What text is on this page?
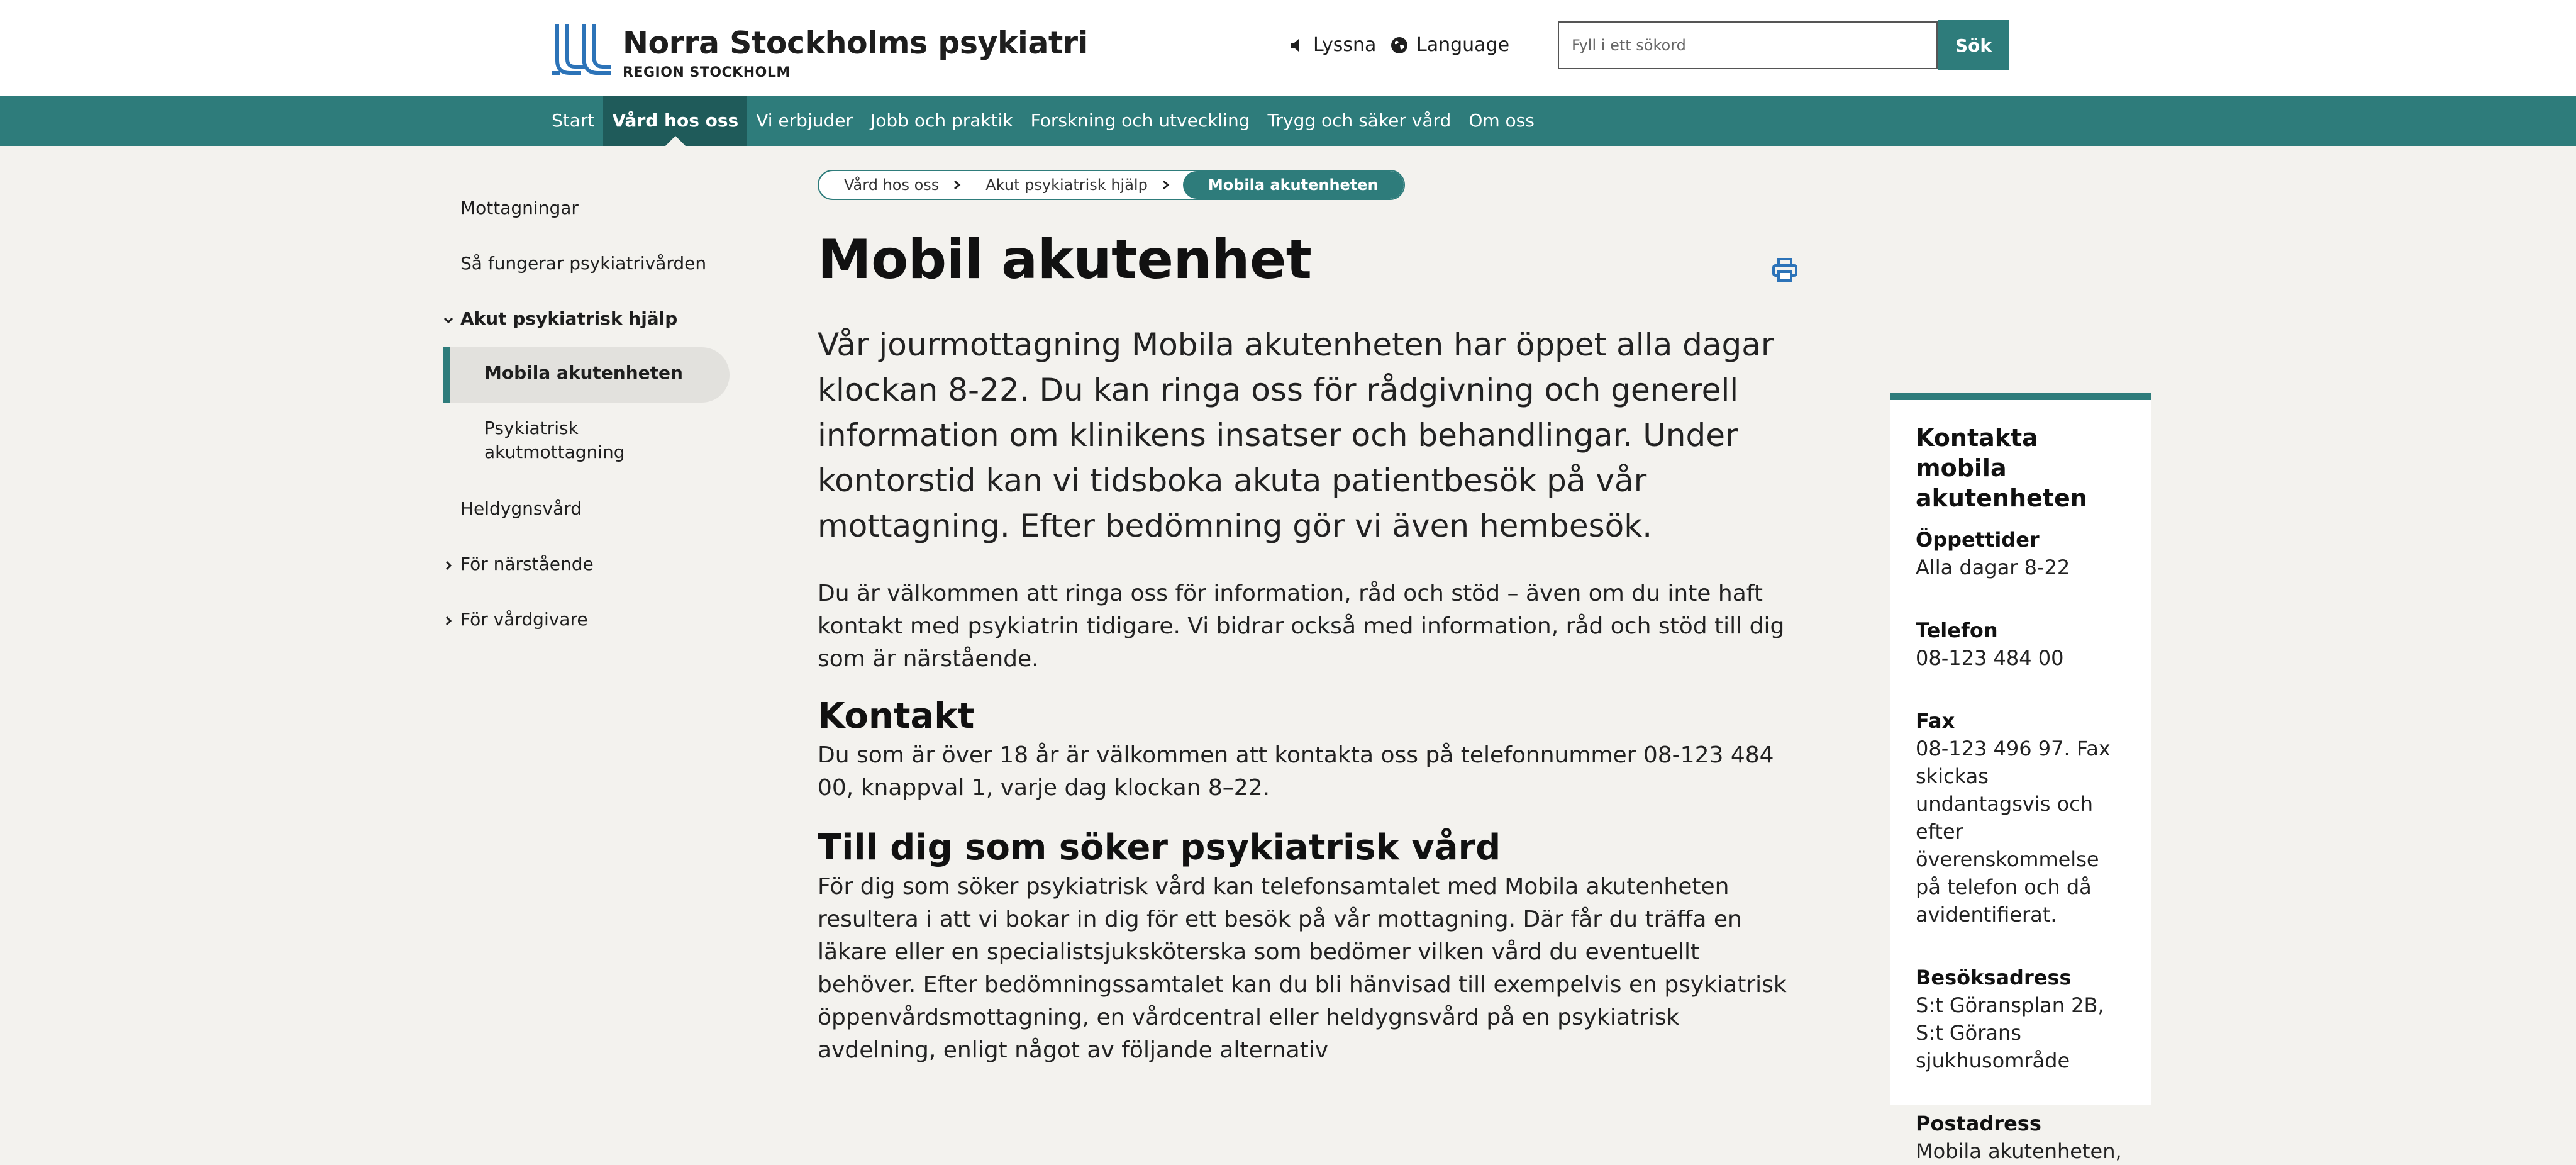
Norra Stockholms psykiatri
REGION STOCKHOLM
Lyssna Language
Fyll i ett sökord	Sök
Start	Vård hos oss	Vi erbjuder	Jobb och praktik	Forskning och utveckling	Trygg och säker vård	Om oss
Mottagningar
Så fungerar psykiatrivården
Akut psykiatrisk hjälp
Mobila akutenheten
Psykiatrisk akutmottagning
Heldygnsvård
För närstående
För vårdgivare
Vård hos oss	Akut psykiatrisk hjälp	Mobila akutenheten
Mobil akutenhet
Vår jourmottagning Mobila akutenheten har öppet alla dagar klockan 8-22. Du kan ringa oss för rådgivning och generell information om klinikens insatser och behandlingar. Under kontorstid kan vi tidsboka akuta patientbesök på vår mottagning. Efter bedömning gör vi även hembesök.
Du är välkommen att ringa oss för information, råd och stöd – även om du inte haft kontakt med psykiatrin tidigare. Vi bidrar också med information, råd och stöd till dig som är närstående.
Kontakt
Du som är över 18 år är välkommen att kontakta oss på telefonnummer 08-123 484 00, knappval 1, varje dag klockan 8–22.
Till dig som söker psykiatrisk vård
För dig som söker psykiatrisk vård kan telefonsamtalet med Mobila akutenheten resultera i att vi bokar in dig för ett besök på vår mottagning. Där får du träffa en läkare eller en specialistsjuksköterska som bedömer vilken vård du eventuellt behöver. Efter bedömningssamtalet kan du bli hänvisad till exempelvis en psykiatrisk öppenvårdsmottagning, en vårdcentral eller heldygnsvård på en psykiatrisk avdelning, enligt något av följande alternativ
Kontakta mobila akutenheten
Öppettider
Alla dagar 8-22
Telefon
08-123 484 00
Fax
08-123 496 97. Fax skickas undantagsvis och efter överenskommelse på telefon och då avidentifierat.
Besöksadress
S:t Göransplan 2B, S:t Görans sjukhusområde
Postadress
Mobila akutenheten,
